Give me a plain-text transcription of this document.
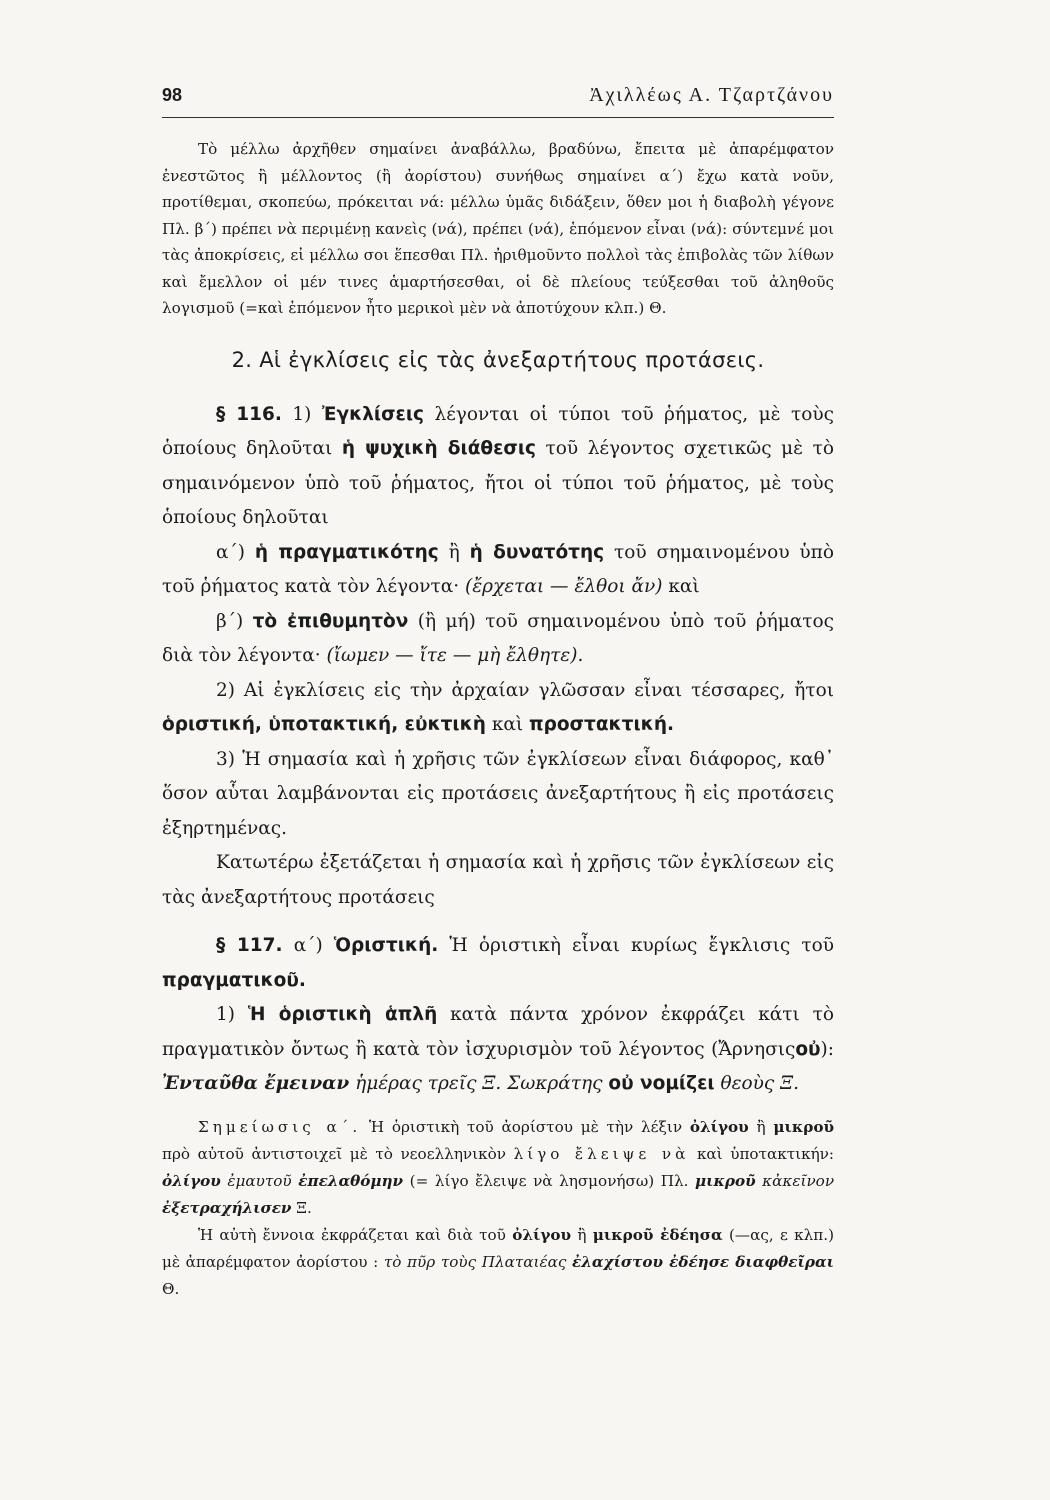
98	Ἀχιλλέως Α. Τζαρτζάνου

Τὸ μέλλω ἀρχῆθεν σημαίνει ἀναβάλλω, βραδύνω, ἔπειτα μὲ ἀπαρέμφατον ἐνεστῶτος ἢ μέλλοντος (ἢ ἀορίστου) συνήθως σημαίνει α΄) ἔχω κατὰ νοῦν, προτίθεμαι, σκοπεύω, πρόκειται νά: μέλλω ὑμᾶς διδάξειν, ὅθεν μοι ἡ διαβολὴ γέγονε Πλ. β΄) πρέπει νὰ περιμένῃ κανεὶς (νά), πρέπει (νά), ἑπόμενον εἶναι (νά): σύντεμνέ μοι τὰς ἀποκρίσεις, εἰ μέλλω σοι ἕπεσθαι Πλ. ἠριθμοῦντο πολλοὶ τὰς ἐπιβολὰς τῶν λίθων καὶ ἔμελλον οἱ μέν τινες ἁμαρτήσεσθαι, οἱ δὲ πλείους τεύξεσθαι τοῦ ἀληθοῦς λογισμοῦ (=καὶ ἑπόμενον ἦτο μερικοὶ μὲν νὰ ἀποτύχουν κλπ.) Θ.

2. Αἱ ἐγκλίσεις εἰς τὰς ἀνεξαρτήτους προτάσεις.

§ 116. 1) Ἐγκλίσεις λέγονται οἱ τύποι τοῦ ῥήματος, μὲ τοὺς ὁποίους δηλοῦται ἡ ψυχικὴ διάθεσις τοῦ λέγοντος σχετικῶς μὲ τὸ σημαινόμενον ὑπὸ τοῦ ῥήματος, ἤτοι οἱ τύποι τοῦ ῥήματος, μὲ τοὺς ὁποίους δηλοῦται

α΄) ἡ πραγματικότης ἢ ἡ δυνατότης τοῦ σημαινομένου ὑπὸ τοῦ ῥήματος κατὰ τὸν λέγοντα· (ἔρχεται — ἔλθοι ἄν) καὶ

β΄) τὸ ἐπιθυμητὸν (ἢ μή) τοῦ σημαινομένου ὑπὸ τοῦ ῥήματος διὰ τὸν λέγοντα· (ἴωμεν — ἴτε — μὴ ἔλθητε).

2) Αἱ ἐγκλίσεις εἰς τὴν ἀρχαίαν γλῶσσαν εἶναι τέσσαρες, ἤτοι ὁριστική, ὑποτακτική, εὐκτικὴ καὶ προστακτική.

3) Ἡ σημασία καὶ ἡ χρῆσις τῶν ἐγκλίσεων εἶναι διάφορος, καθ᾽ ὅσον αὗται λαμβάνονται εἰς προτάσεις ἀνεξαρτήτους ἢ εἰς προτάσεις ἐξηρτημένας.

Κατωτέρω ἐξετάζεται ἡ σημασία καὶ ἡ χρῆσις τῶν ἐγκλίσεων εἰς τὰς ἀνεξαρτήτους προτάσεις

§ 117. α΄) Ὁριστική. Ἡ ὁριστικὴ εἶναι κυρίως ἔγκλισις τοῦ πραγματικοῦ.

1) Ἡ ὁριστικὴ ἁπλῆ κατὰ πάντα χρόνον ἐκφράζει κάτι τὸ πραγματικὸν ὄντως ἢ κατὰ τὸν ἰσχυρισμὸν τοῦ λέγοντος (Ἄρνησιςοὐ): Ἐνταῦθα ἔμειναν ἡμέρας τρεῖς Ξ. Σωκράτης οὐ νομίζει θεοὺς Ξ.

Σημείωσις α΄. Ἡ ὁριστικὴ τοῦ ἀορίστου μὲ τὴν λέξιν ὀλίγου ἢ μικροῦ πρὸ αὐτοῦ ἀντιστοιχεῖ μὲ τὸ νεοελληνικὸν λίγο ἔλειψε νὰ καὶ ὑποτακτικήν: ὀλίγου ἐμαυτοῦ ἐπελαθόμην (= λίγο ἔλειψε νὰ λησμονήσω) Πλ. μικροῦ κἀκεῖνον ἐξετραχήλισεν Ξ.

Ἡ αὐτὴ ἔννοια ἐκφράζεται καὶ διὰ τοῦ ὀλίγου ἢ μικροῦ ἐδέησα (—ας, ε κλπ.) μὲ ἀπαρέμφατον ἀορίστου : τὸ πῦρ τοὺς Πλαταιέας ἐλαχίστου ἐδέησε διαφθεῖραι Θ.
